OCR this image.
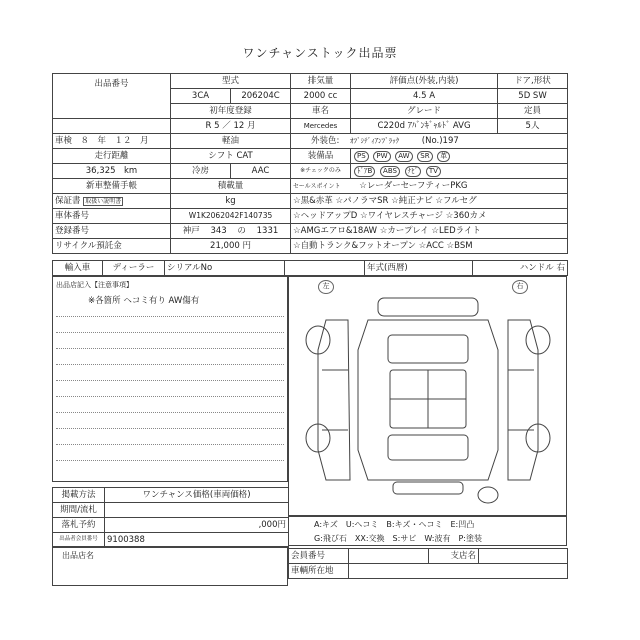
ワンチャンストック出品票
出品番号	型式		排気量	評価点(外装,内装)	ドア,形状
	3CA	206204C	2000 cc	4.5 A	5D SW
	初年度登録		車名	グレード	定員
	R 5 ／ 12 月		Mercedes	C220d ｱﾊﾞﾝｷﾞｬﾙﾄﾞ AVG	5人
車検　８　年　１２　月	軽油		外装色: ｵﾌﾞｼﾃﾞｨｱﾝﾌﾞﾗｯｸ (No.)197		
走行距離	シフト CAT		装備品	PS PW AW SR 革	
36,325　km	冷房	AAC	※チェックのみ	ﾄﾞｱB ABS ﾅﾋﾞ TV	
新車整備手帳	積載量		セールスポイント ☆レーダーセーフティーPKG		
保証書 取扱い説明書	kg		☆黒&赤革 ☆パノラマSR ☆純正ナビ ☆フルセグ		
車体番号	W1K2062042F140735		☆ヘッドアップD ☆ワイヤレスチャージ ☆360カメ		
登録番号	神戸 343 の 1331		☆AMGエアロ&18AW ☆カープレイ ☆LEDライト		
リサイクル預託金	21,000 円		☆自動トランク&フットオープン ☆ACC ☆BSM		
輸入車	ディーラー	シリアルNo		年式(西暦)	ハンドル 右
出品店記入【注意事項】
※各箇所 ヘコミ有り AW傷有
左	右
A:キズ　U:ヘコミ　B:キズ・ヘコミ　E:凹凸
G:飛び石　XX:交換　S:サビ　W:波有　P:塗装
掲載方法	ワンチャンス価格(車両価格)
期間/流札	
落札予約	,000円
出品者会員番号	9100388
出品店名	会員番号		支店名	
車輌所在地			
